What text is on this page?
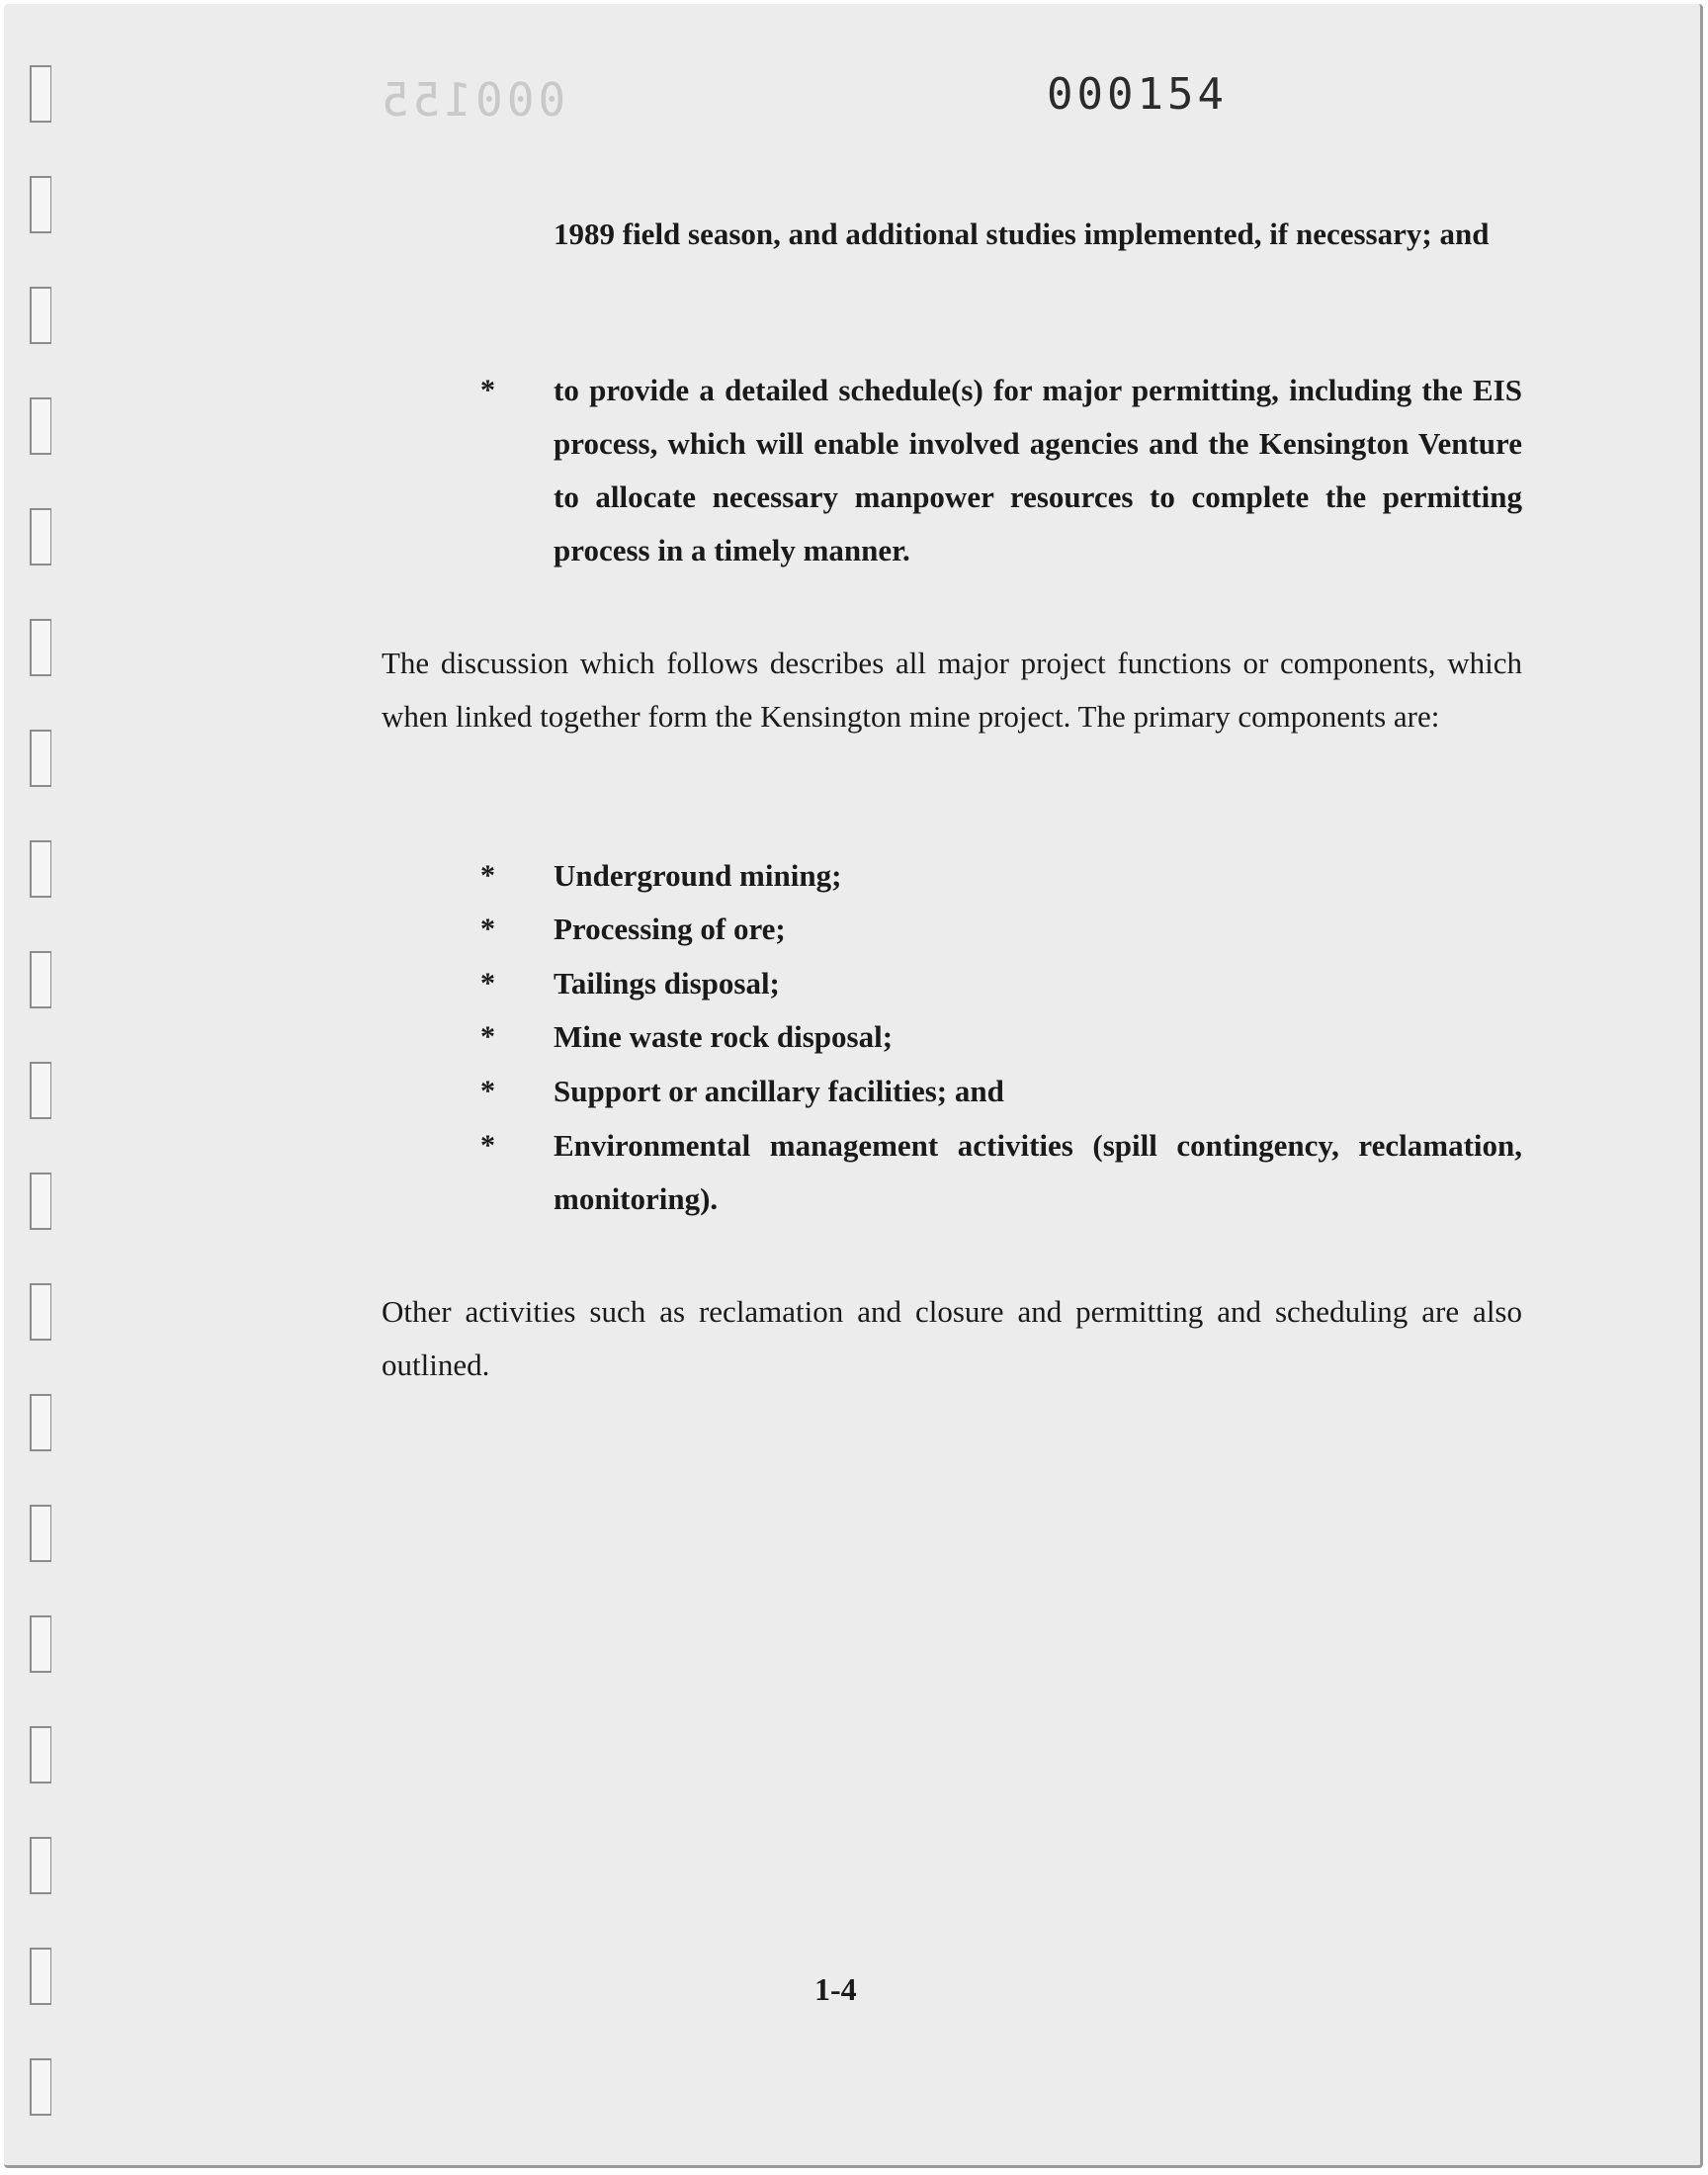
000155	000154
1989 field season, and additional studies implemented, if necessary; and
*	to provide a detailed schedule(s) for major permitting, including the EIS process, which will enable involved agencies and the Kensington Venture to allocate necessary manpower resources to complete the permitting process in a timely manner.
The discussion which follows describes all major project functions or components, which when linked together form the Kensington mine project. The primary components are:
*	Underground mining;
*	Processing of ore;
*	Tailings disposal;
*	Mine waste rock disposal;
*	Support or ancillary facilities; and
*	Environmental management activities (spill contingency, reclamation, monitoring).
Other activities such as reclamation and closure and permitting and scheduling are also outlined.
1-4
